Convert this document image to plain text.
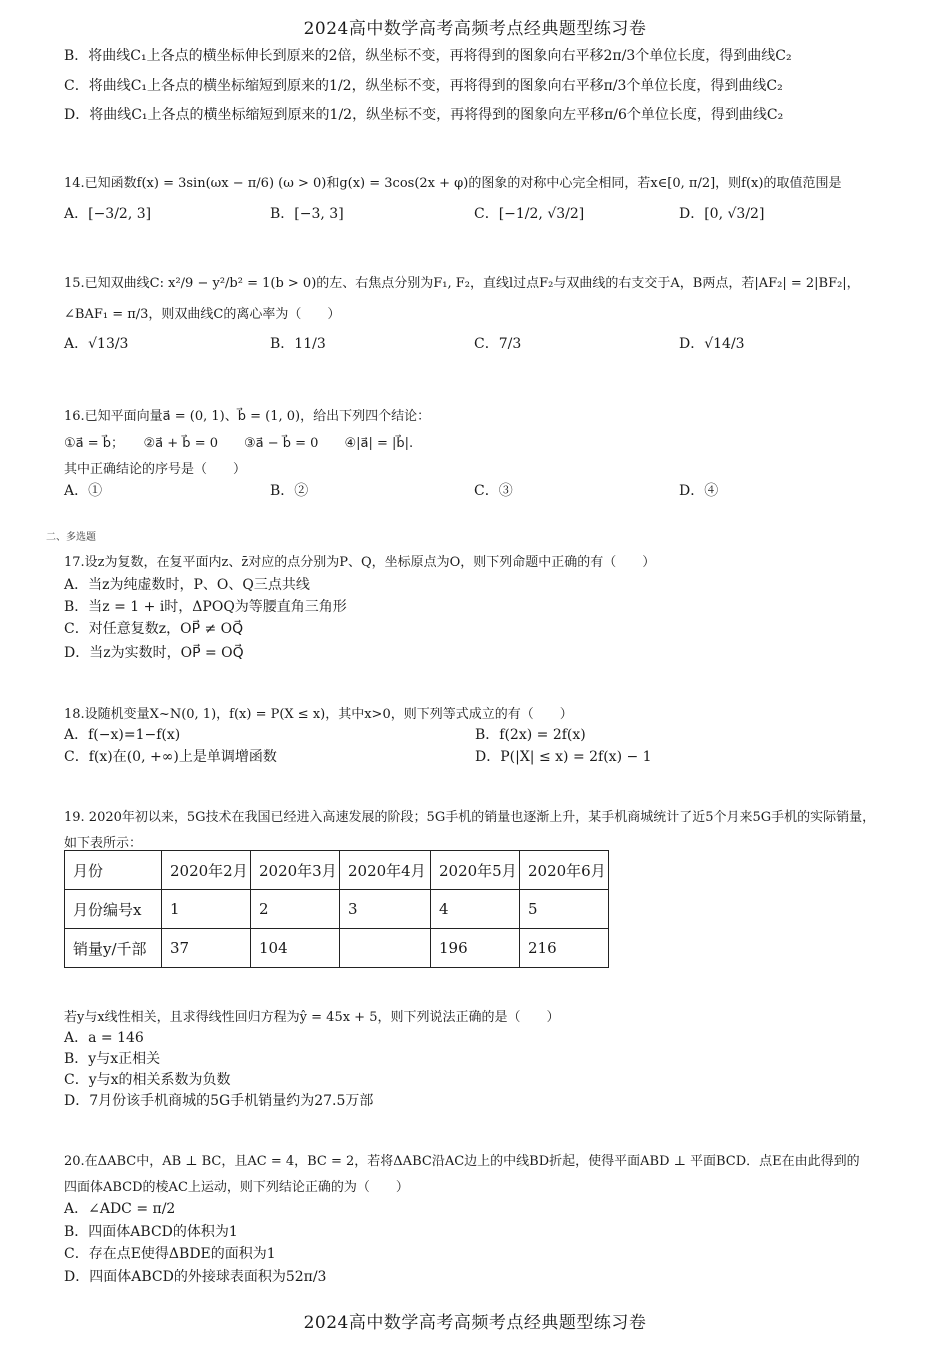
2024高中数学高考高频考点经典题型练习卷
B．将曲线C₁上各点的横坐标伸长到原来的2倍，纵坐标不变，再将得到的图象向右平移2π/3个单位长度，得到曲线C₂
C．将曲线C₁上各点的横坐标缩短到原来的1/2，纵坐标不变，再将得到的图象向右平移π/3个单位长度，得到曲线C₂
D．将曲线C₁上各点的横坐标缩短到原来的1/2，纵坐标不变，再将得到的图象向左平移π/6个单位长度，得到曲线C₂
14.已知函数f(x) = 3sin(ωx − π/6) (ω > 0)和g(x) = 3cos(2x + φ)的图象的对称中心完全相同，若x∈[0, π/2]，则f(x)的取值范围是
A．[−3/2, 3]	B．[−3, 3]	C．[−1/2, √3/2]	D．[0, √3/2]
15.已知双曲线C: x²/9 − y²/b² = 1(b > 0)的左、右焦点分别为F₁, F₂，直线l过点F₂与双曲线的右支交于A，B两点，若|AF₂| = 2|BF₂|，
∠BAF₁ = π/3，则双曲线C的离心率为（　　）
A．√13/3	B．11/3	C．7/3	D．√14/3
16.已知平面向量a⃗ = (0, 1)、b⃗ = (1, 0)，给出下列四个结论：
①a⃗ = b⃗；　　②a⃗ + b⃗ = 0　　③a⃗ − b⃗ = 0　　④|a⃗| = |b⃗|.
其中正确结论的序号是（　　）
A．①	B．②	C．③	D．④
二、多选题
17.设z为复数，在复平面内z、z̄对应的点分别为P、Q，坐标原点为O，则下列命题中正确的有（　　）
A．当z为纯虚数时，P、O、Q三点共线
B．当z = 1 + i时，ΔPOQ为等腰直角三角形
C．对任意复数z，OP⃗ ≠ OQ⃗
D．当z为实数时，OP⃗ = OQ⃗
18.设随机变量X~N(0, 1)，f(x) = P(X ≤ x)，其中x>0，则下列等式成立的有（　　）
A．f(−x)=1−f(x)	B．f(2x) = 2f(x)
C．f(x)在(0, +∞)上是单调增函数	D．P(|X| ≤ x) = 2f(x) − 1
19. 2020年初以来，5G技术在我国已经进入高速发展的阶段；5G手机的销量也逐渐上升，某手机商城统计了近5个月来5G手机的实际销量，
如下表所示：
月份	2020年2月	2020年3月	2020年4月	2020年5月	2020年6月
月份编号x	1	2	3	4	5
销量y/千部	37	104		196	216
若y与x线性相关，且求得线性回归方程为ŷ = 45x + 5，则下列说法正确的是（　　）
A．a = 146
B．y与x正相关
C．y与x的相关系数为负数
D．7月份该手机商城的5G手机销量约为27.5万部
20.在ΔABC中，AB ⊥ BC，且AC = 4，BC = 2，若将ΔABC沿AC边上的中线BD折起，使得平面ABD ⊥ 平面BCD．点E在由此得到的
四面体ABCD的棱AC上运动，则下列结论正确的为（　　）
A．∠ADC = π/2
B．四面体ABCD的体积为1
C．存在点E使得ΔBDE的面积为1
D．四面体ABCD的外接球表面积为52π/3
2024高中数学高考高频考点经典题型练习卷
